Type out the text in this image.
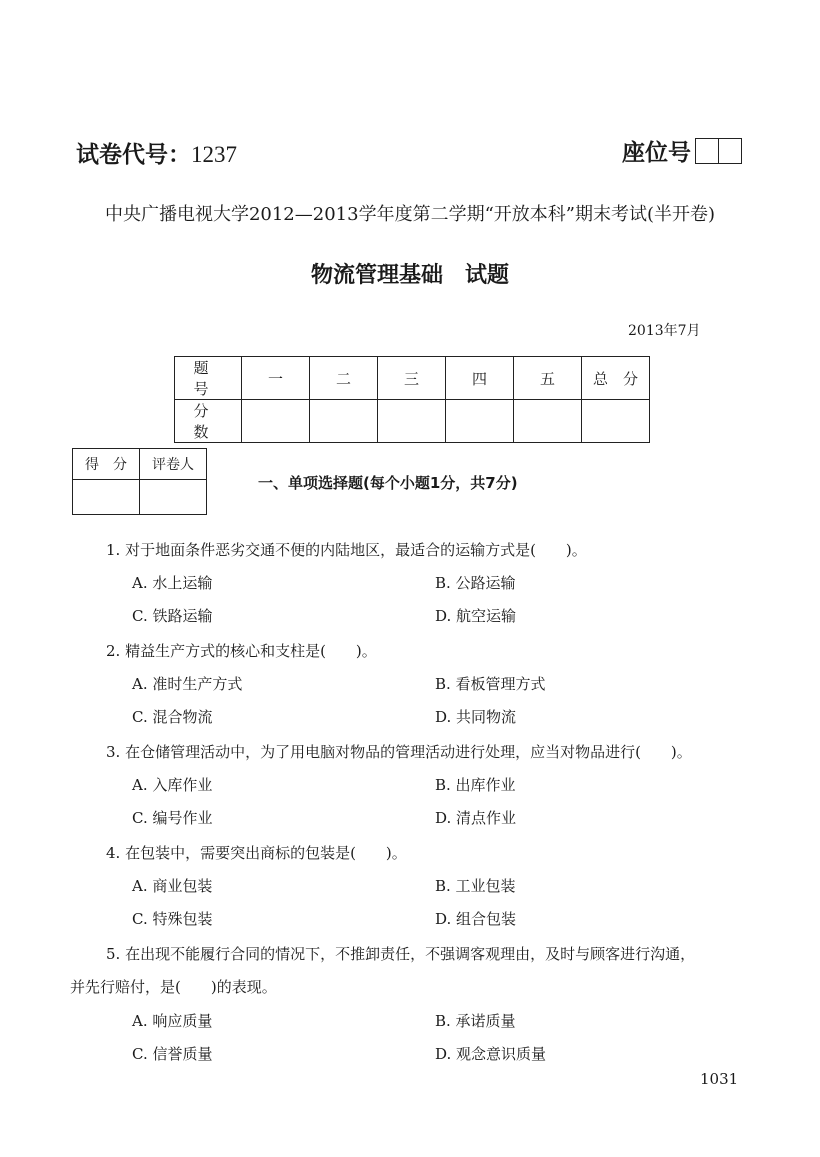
试卷代号：1237	座位号
中央广播电视大学2012—2013学年度第二学期“开放本科”期末考试(半开卷)
物流管理基础　试题
2013年7月
题　号	一	二	三	四	五	总　分
分　数						
得　分	评卷人

一、单项选择题(每个小题1分，共7分)
1. 对于地面条件恶劣交通不便的内陆地区，最适合的运输方式是(　　)。
A. 水上运输	B. 公路运输
C. 铁路运输	D. 航空运输
2. 精益生产方式的核心和支柱是(　　)。
A. 准时生产方式	B. 看板管理方式
C. 混合物流	D. 共同物流
3. 在仓储管理活动中，为了用电脑对物品的管理活动进行处理，应当对物品进行(　　)。
A. 入库作业	B. 出库作业
C. 编号作业	D. 清点作业
4. 在包装中，需要突出商标的包装是(　　)。
A. 商业包装	B. 工业包装
C. 特殊包装	D. 组合包装
5. 在出现不能履行合同的情况下，不推卸责任，不强调客观理由，及时与顾客进行沟通，
并先行赔付，是(　　)的表现。
A. 响应质量	B. 承诺质量
C. 信誉质量	D. 观念意识质量
1031
